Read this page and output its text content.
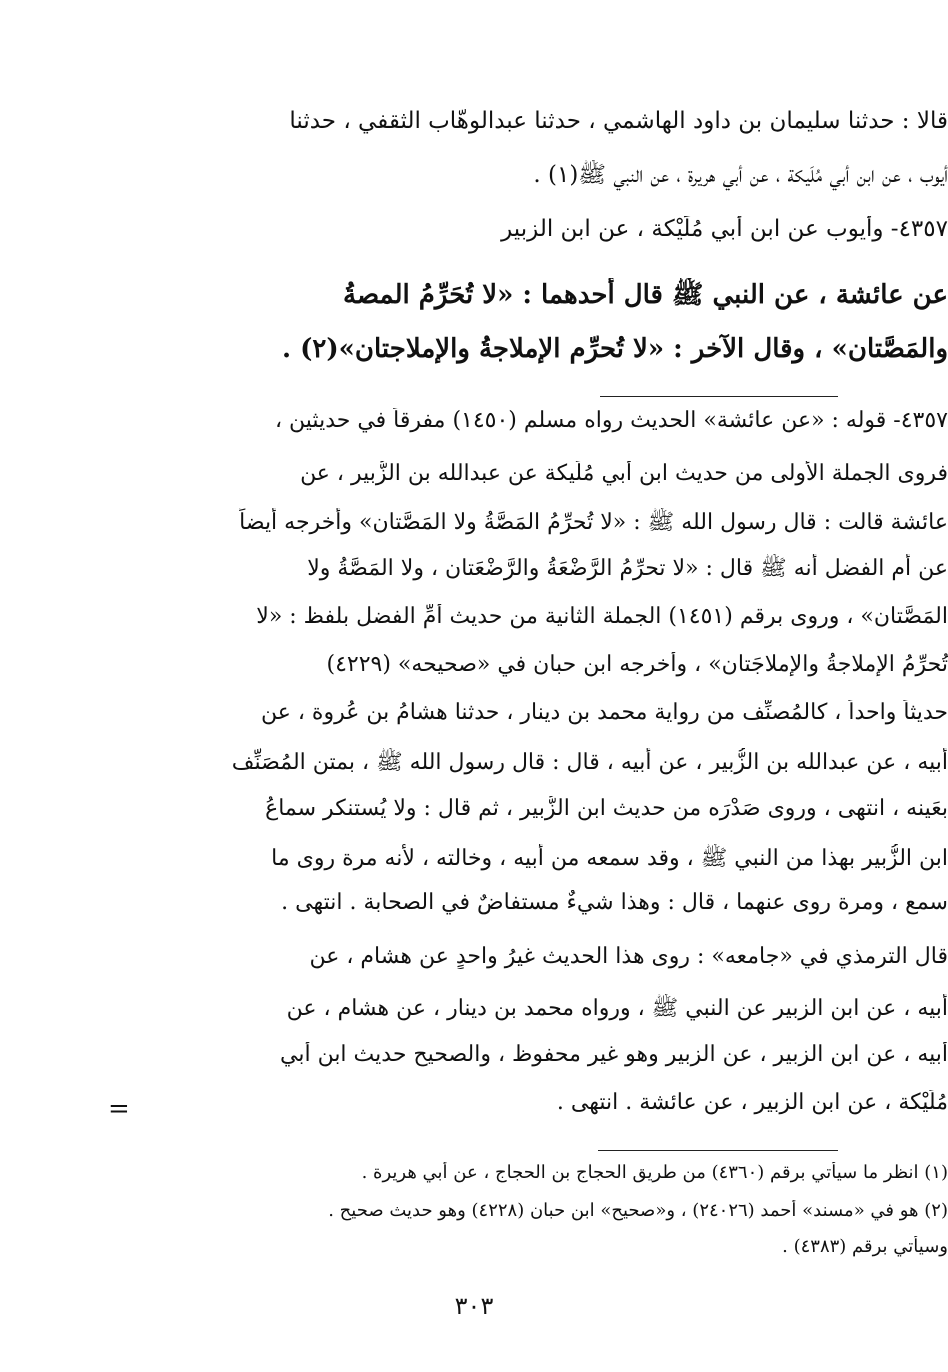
قالا : حدثنا سليمان بن داود الهاشمي ، حدثنا عبدالوهّاب الثقفي ، حدثنا
أيوب ، عن ابن أبي مُلَيكة ، عن أبي هريرة ، عن النبي ﷺ(١) .
٤٣٥٧- وأيوب عن ابن أبي مُلَيْكة ، عن ابن الزبير
عن عائشة ، عن النبي ﷺ قال أحدهما : «لا تُحَرِّمُ المصةُ
والمَصَّتان» ، وقال الآخر : «لا تُحرِّم الإملاجةُ والإملاجتان»(٢) .
٤٣٥٧- قوله : «عن عائشة» الحديث رواه مسلم (١٤٥٠) مفرقاً في حديثين ،
فروى الجملة الأولى من حديث ابن أبي مُلَيكة عن عبدالله بن الزُّبير ، عن
عائشة قالت : قال رسول الله ﷺ : «لا تُحرِّمُ المَصَّةُ ولا المَصَّتان» وأخرجه أيضاً
عن أم الفضل أنه ﷺ قال : «لا تحرِّمُ الرَّضْعَةُ والرَّضْعَتان ، ولا المَصَّةُ ولا
المَصَّتان» ، وروى برقم (١٤٥١) الجملة الثانية من حديث أمِّ الفضل بلفظ : «لا
تُحرِّمُ الإملاجةُ والإملاجَتان» ، وأخرجه ابن حبان في «صحيحه» (٤٢٢٩)
حديثاً واحداً ، كالمُصنِّف من رواية محمد بن دينار ، حدثنا هشامُ بن عُروة ، عن
أبيه ، عن عبدالله بن الزُّبير ، عن أبيه ، قال : قال رسول الله ﷺ ، بمتن المُصَنِّف
بعَينه ، انتهى ، وروى صَدْرَه من حديث ابن الزُّبير ، ثم قال : ولا يُستنكر سماعُ
ابن الزُّبير بهذا من النبي ﷺ ، وقد سمعه من أبيه ، وخالته ، لأنه مرة روى ما
سمع ، ومرة روى عنهما ، قال : وهذا شيءٌ مستفاضٌ في الصحابة . انتهى .
قال الترمذي في «جامعه» : روى هذا الحديث غيرُ واحدٍ عن هشام ، عن
أبيه ، عن ابن الزبير عن النبي ﷺ ، ورواه محمد بن دينار ، عن هشام ، عن
أبيه ، عن ابن الزبير ، عن الزبير وهو غير محفوظ ، والصحيح حديث ابن أبي
مُلَيْكة ، عن ابن الزبير ، عن عائشة . انتهى .
=
(١) انظر ما سيأتي برقم (٤٣٦٠) من طريق الحجاج بن الحجاج ، عن أبي هريرة .
(٢) هو في «مسند» أحمد (٢٤٠٢٦) ، و«صحيح» ابن حبان (٤٢٢٨) وهو حديث صحيح .
وسيأتي برقم (٤٣٨٣) .
٣٠٣
